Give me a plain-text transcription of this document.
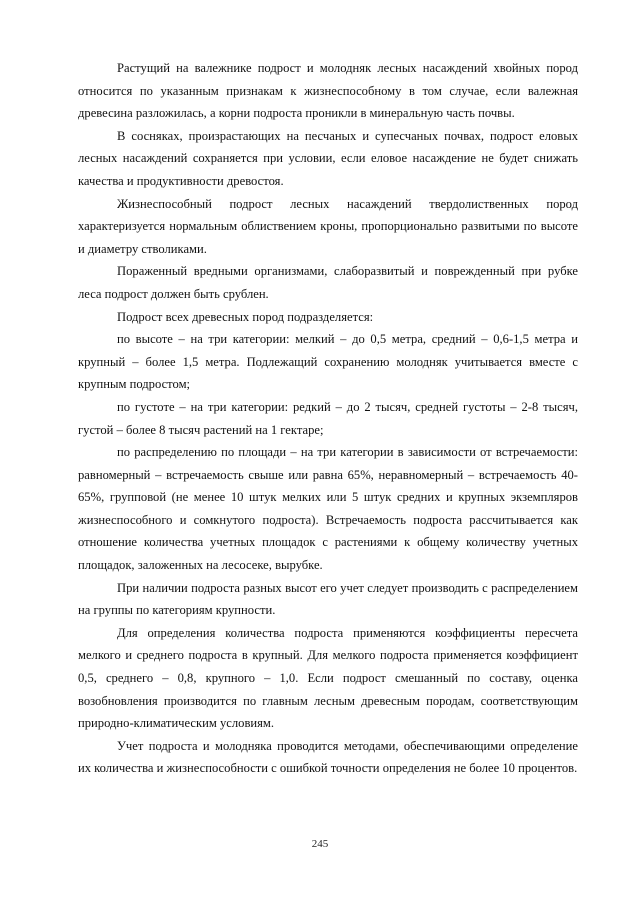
Растущий на валежнике подрост и молодняк лесных насаждений хвойных пород относится по указанным признакам к жизнеспособному в том случае, если валежная древесина разложилась, а корни подроста проникли в минеральную часть почвы.

В сосняках, произрастающих на песчаных и супесчаных почвах, подрост еловых лесных насаждений сохраняется при условии, если еловое насаждение не будет снижать качества и продуктивности древостоя.

Жизнеспособный подрост лесных насаждений твердолиственных пород характеризуется нормальным облиствением кроны, пропорционально развитыми по высоте и диаметру стволиками.

Пораженный вредными организмами, слаборазвитый и поврежденный при рубке леса подрост должен быть срублен.

Подрост всех древесных пород подразделяется:

по высоте – на три категории: мелкий – до 0,5 метра, средний – 0,6-1,5 метра и крупный – более 1,5 метра. Подлежащий сохранению молодняк учитывается вместе с крупным подростом;

по густоте – на три категории: редкий – до 2 тысяч, средней густоты – 2-8 тысяч, густой – более 8 тысяч растений на 1 гектаре;

по распределению по площади – на три категории в зависимости от встречаемости: равномерный – встречаемость свыше или равна 65%, неравномерный – встречаемость 40-65%, групповой (не менее 10 штук мелких или 5 штук средних и крупных экземпляров жизнеспособного и сомкнутого подроста). Встречаемость подроста рассчитывается как отношение количества учетных площадок с растениями к общему количеству учетных площадок, заложенных на лесосеке, вырубке.

При наличии подроста разных высот его учет следует производить с распределением на группы по категориям крупности.

Для определения количества подроста применяются коэффициенты пересчета мелкого и среднего подроста в крупный. Для мелкого подроста применяется коэффициент 0,5, среднего – 0,8, крупного – 1,0. Если подрост смешанный по составу, оценка возобновления производится по главным лесным древесным породам, соответствующим природно-климатическим условиям.

Учет подроста и молодняка проводится методами, обеспечивающими определение их количества и жизнеспособности с ошибкой точности определения не более 10 процентов.

245
